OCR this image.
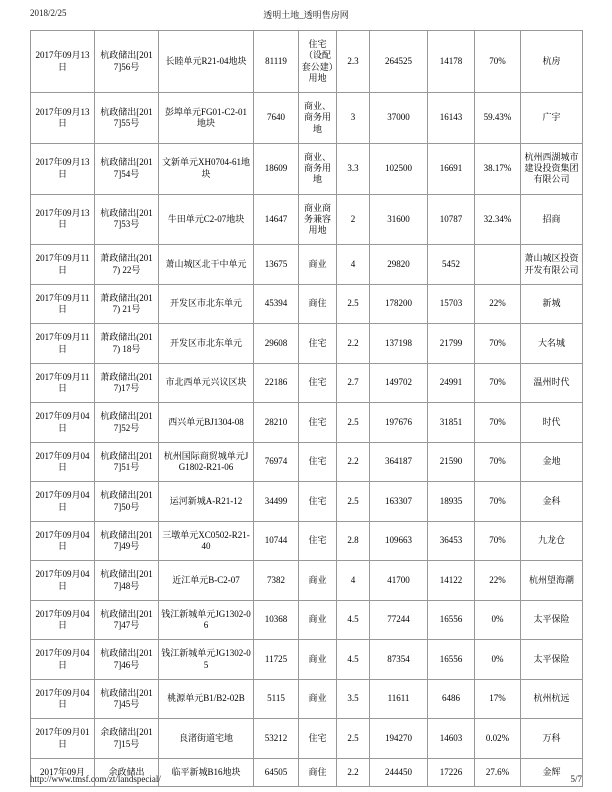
2018/2/25	透明土地_透明售房网
2017年09月13日	杭政储出[2017]56号	长睦单元R21-04地块	81119	住宅（设配套公建）用地	2.3	264525	14178	70%	杭房
2017年09月13日	杭政储出[2017]55号	彭埠单元FG01-C2-01地块	7640	商业、商务用地	3	37000	16143	59.43%	广宇
2017年09月13日	杭政储出[2017]54号	文新单元XH0704-61地块	18609	商业、商务用地	3.3	102500	16691	38.17%	杭州西湖城市建设投资集团有限公司
2017年09月13日	杭政储出[2017]53号	牛田单元C2-07地块	14647	商业商务兼容用地	2	31600	10787	32.34%	招商
2017年09月11日	萧政储出(2017) 22号	萧山城区北干中单元	13675	商业	4	29820	5452		萧山城区投资开发有限公司
2017年09月11日	萧政储出(2017) 21号	开发区市北东单元	45394	商住	2.5	178200	15703	22%	新城
2017年09月11日	萧政储出(2017) 18号	开发区市北东单元	29608	住宅	2.2	137198	21799	70%	大名城
2017年09月11日	萧政储出(2017)17号	市北西单元兴议区块	22186	住宅	2.7	149702	24991	70%	温州时代
2017年09月04日	杭政储出[2017]52号	西兴单元BJ1304-08	28210	住宅	2.5	197676	31851	70%	时代
2017年09月04日	杭政储出[2017]51号	杭州国际商贸城单元JG1802-R21-06	76974	住宅	2.2	364187	21590	70%	金地
2017年09月04日	杭政储出[2017]50号	运河新城A-R21-12	34499	住宅	2.5	163307	18935	70%	金科
2017年09月04日	杭政储出[2017]49号	三墩单元XC0502-R21-40	10744	住宅	2.8	109663	36453	70%	九龙仓
2017年09月04日	杭政储出[2017]48号	近江单元B-C2-07	7382	商业	4	41700	14122	22%	杭州望海潮
2017年09月04日	杭政储出[2017]47号	钱江新城单元JG1302-06	10368	商业	4.5	77244	16556	0%	太平保险
2017年09月04日	杭政储出[2017]46号	钱江新城单元JG1302-05	11725	商业	4.5	87354	16556	0%	太平保险
2017年09月04日	杭政储出[2017]45号	桃源单元B1/B2-02B	5115	商业	3.5	11611	6486	17%	杭州杭远
2017年09月01日	余政储出[2017]15号	良渚街道宅地	53212	住宅	2.5	194270	14603	0.02%	万科
2017年09月	余政储出	临平新城B16地块	64505	商住	2.2	244450	17226	27.6%	金辉
http://www.tmsf.com/zt/landspecial/	5/7
